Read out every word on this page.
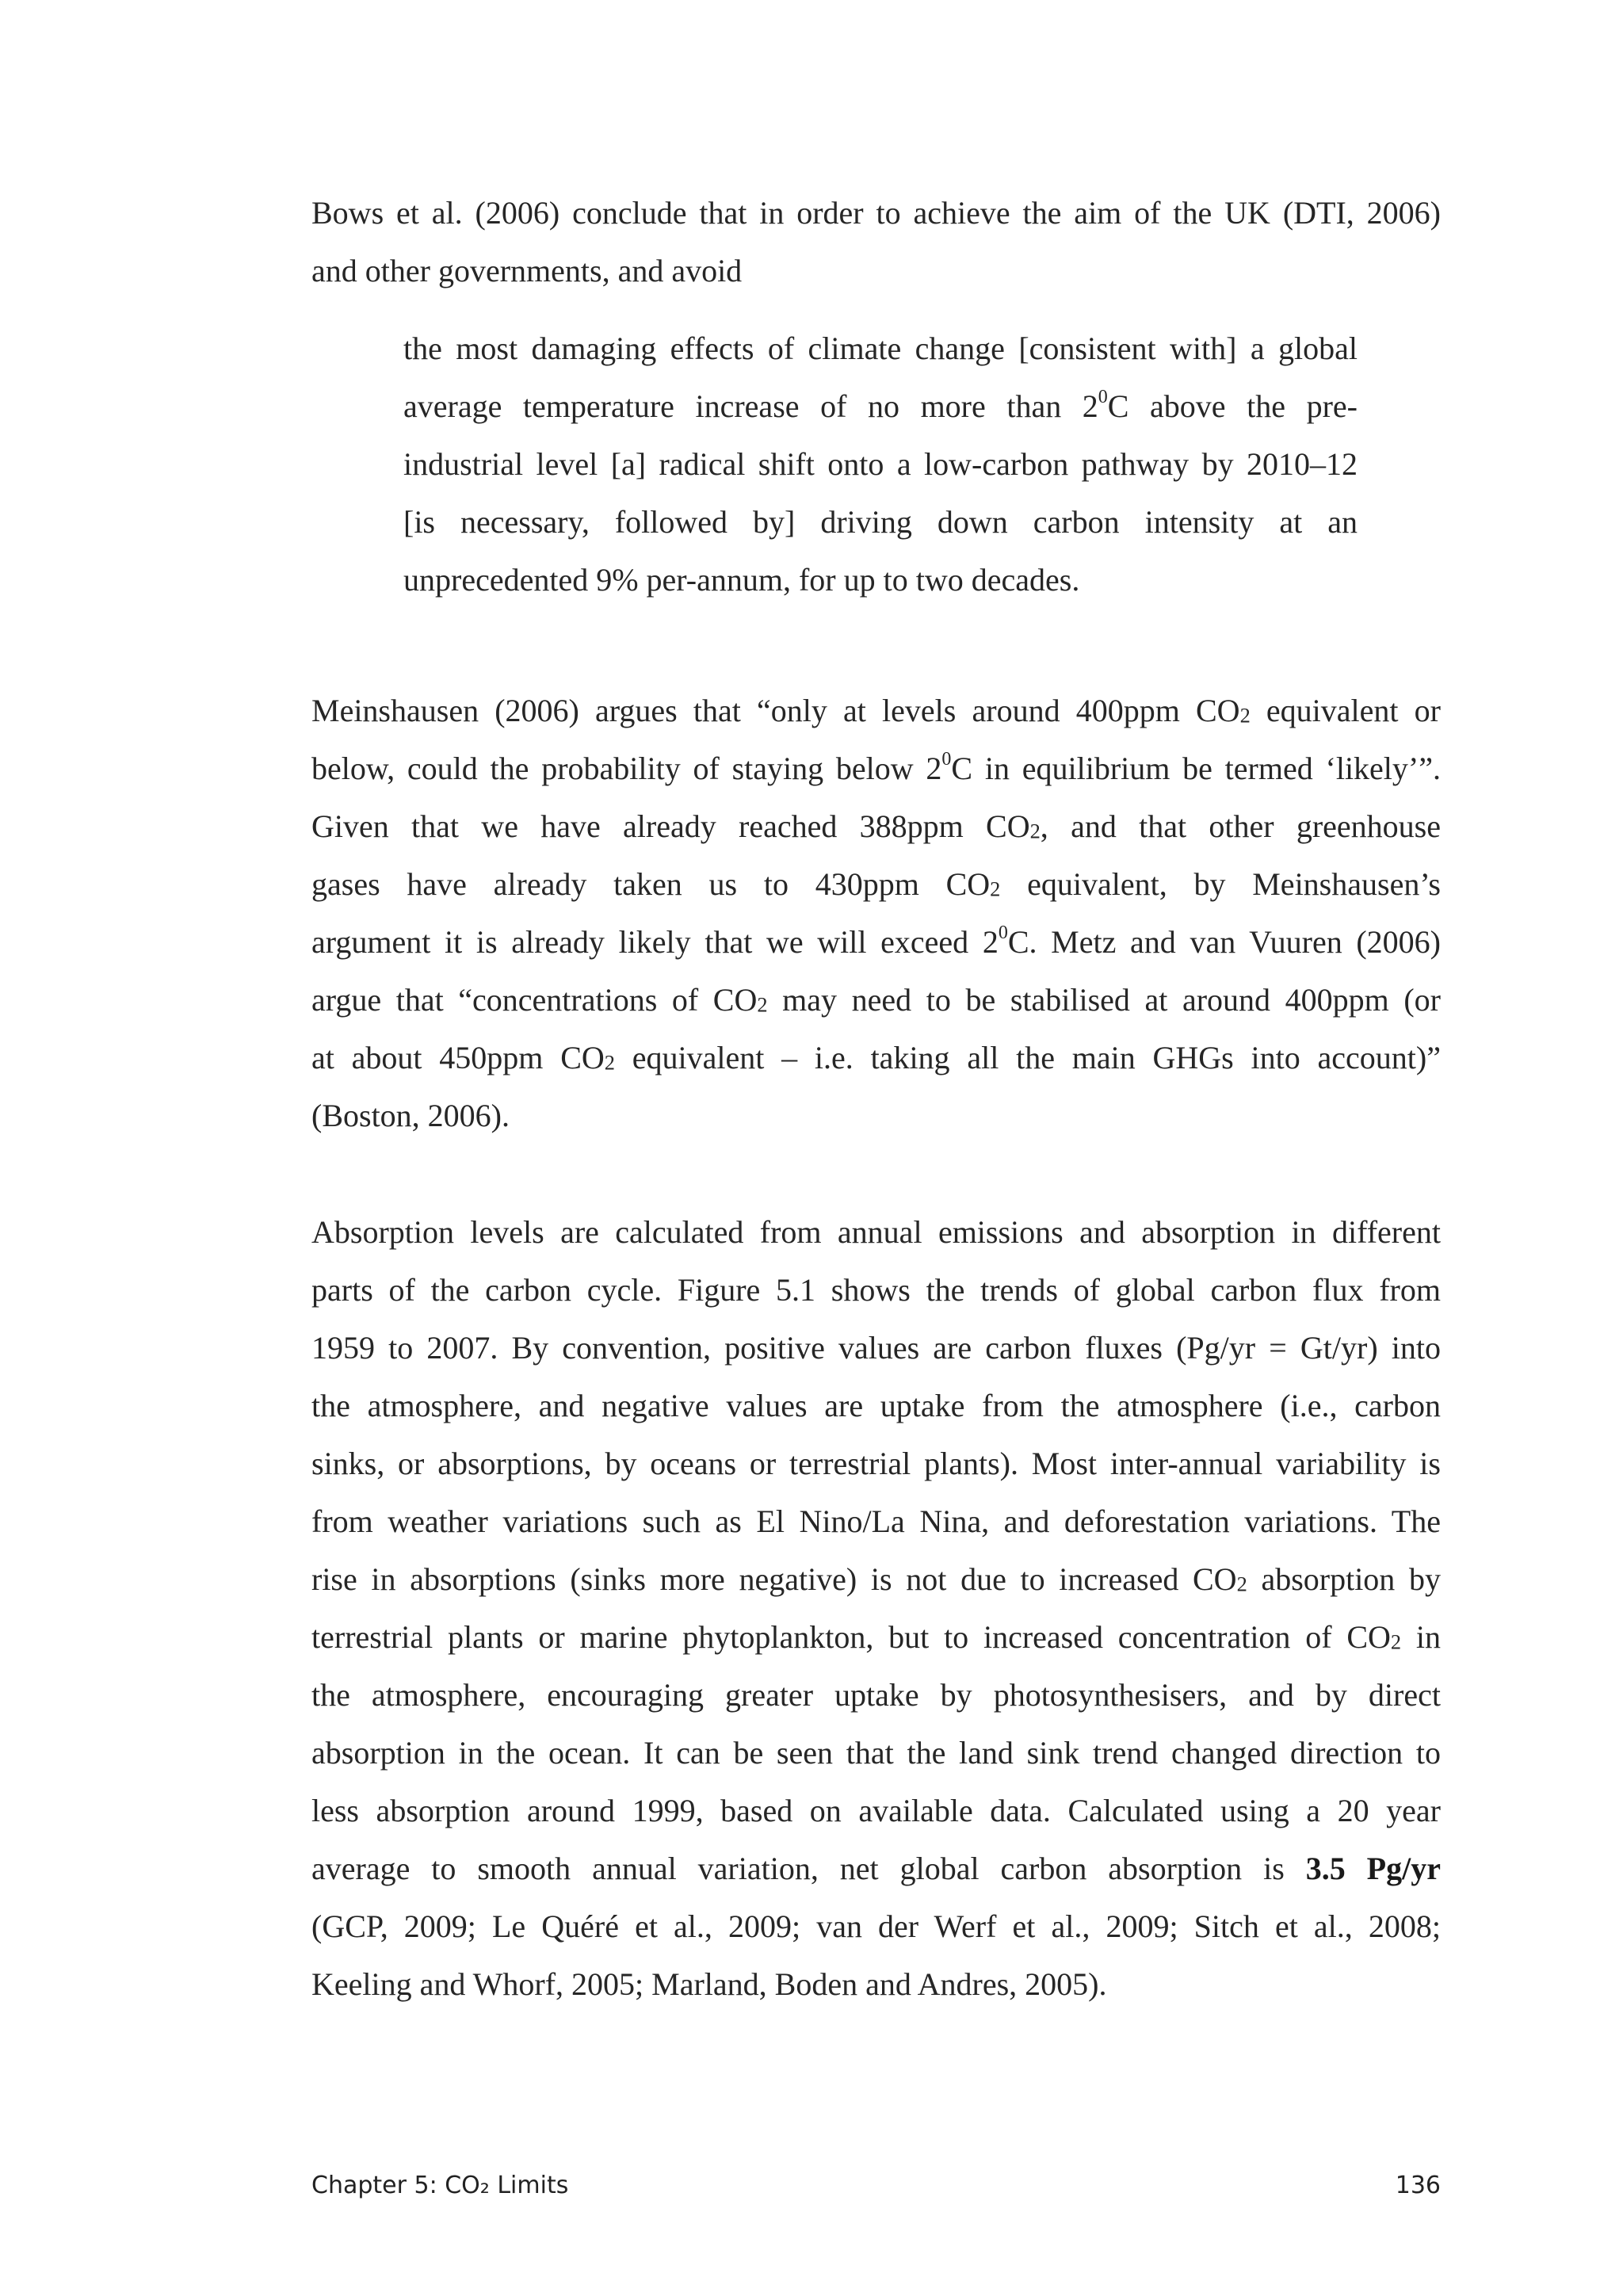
Bows et al. (2006) conclude that in order to achieve the aim of the UK (DTI, 2006)
and other governments, and avoid

the most damaging effects of climate change [consistent with] a global
average temperature increase of no more than $2^0C$ above the pre-
industrial level [a] radical shift onto a low-carbon pathway by 2010–12
[is necessary, followed by] driving down carbon intensity at an
unprecedented 9% per-annum, for up to two decades.

Meinshausen (2006) argues that “only at levels around 400ppm $CO_2$ equivalent or
below, could the probability of staying below $2^0C$ in equilibrium be termed ‘likely’”.
Given that we have already reached 388ppm $CO_2$, and that other greenhouse
gases have already taken us to 430ppm $CO_2$ equivalent, by Meinshausen’s
argument it is already likely that we will exceed $2^0C$. Metz and van Vuuren (2006)
argue that “concentrations of $CO_2$ may need to be stabilised at around 400ppm (or
at about 450ppm $CO_2$ equivalent – i.e. taking all the main GHGs into account)”
(Boston, 2006).

Absorption levels are calculated from annual emissions and absorption in different
parts of the carbon cycle. Figure 5.1 shows the trends of global carbon flux from
1959 to 2007. By convention, positive values are carbon fluxes (Pg/yr = Gt/yr) into
the atmosphere, and negative values are uptake from the atmosphere (i.e., carbon
sinks, or absorptions, by oceans or terrestrial plants). Most inter-annual variability is
from weather variations such as El Nino/La Nina, and deforestation variations. The
rise in absorptions (sinks more negative) is not due to increased $CO_2$ absorption by
terrestrial plants or marine phytoplankton, but to increased concentration of $CO_2$ in
the atmosphere, encouraging greater uptake by photosynthesisers, and by direct
absorption in the ocean. It can be seen that the land sink trend changed direction to
less absorption around 1999, based on available data. Calculated using a 20 year
average to smooth annual variation, net global carbon absorption is 3.5 Pg/yr
(GCP, 2009; Le Quéré et al., 2009; van der Werf et al., 2009; Sitch et al., 2008;
Keeling and Whorf, 2005; Marland, Boden and Andres, 2005).

Chapter 5: CO₂ Limits	136
